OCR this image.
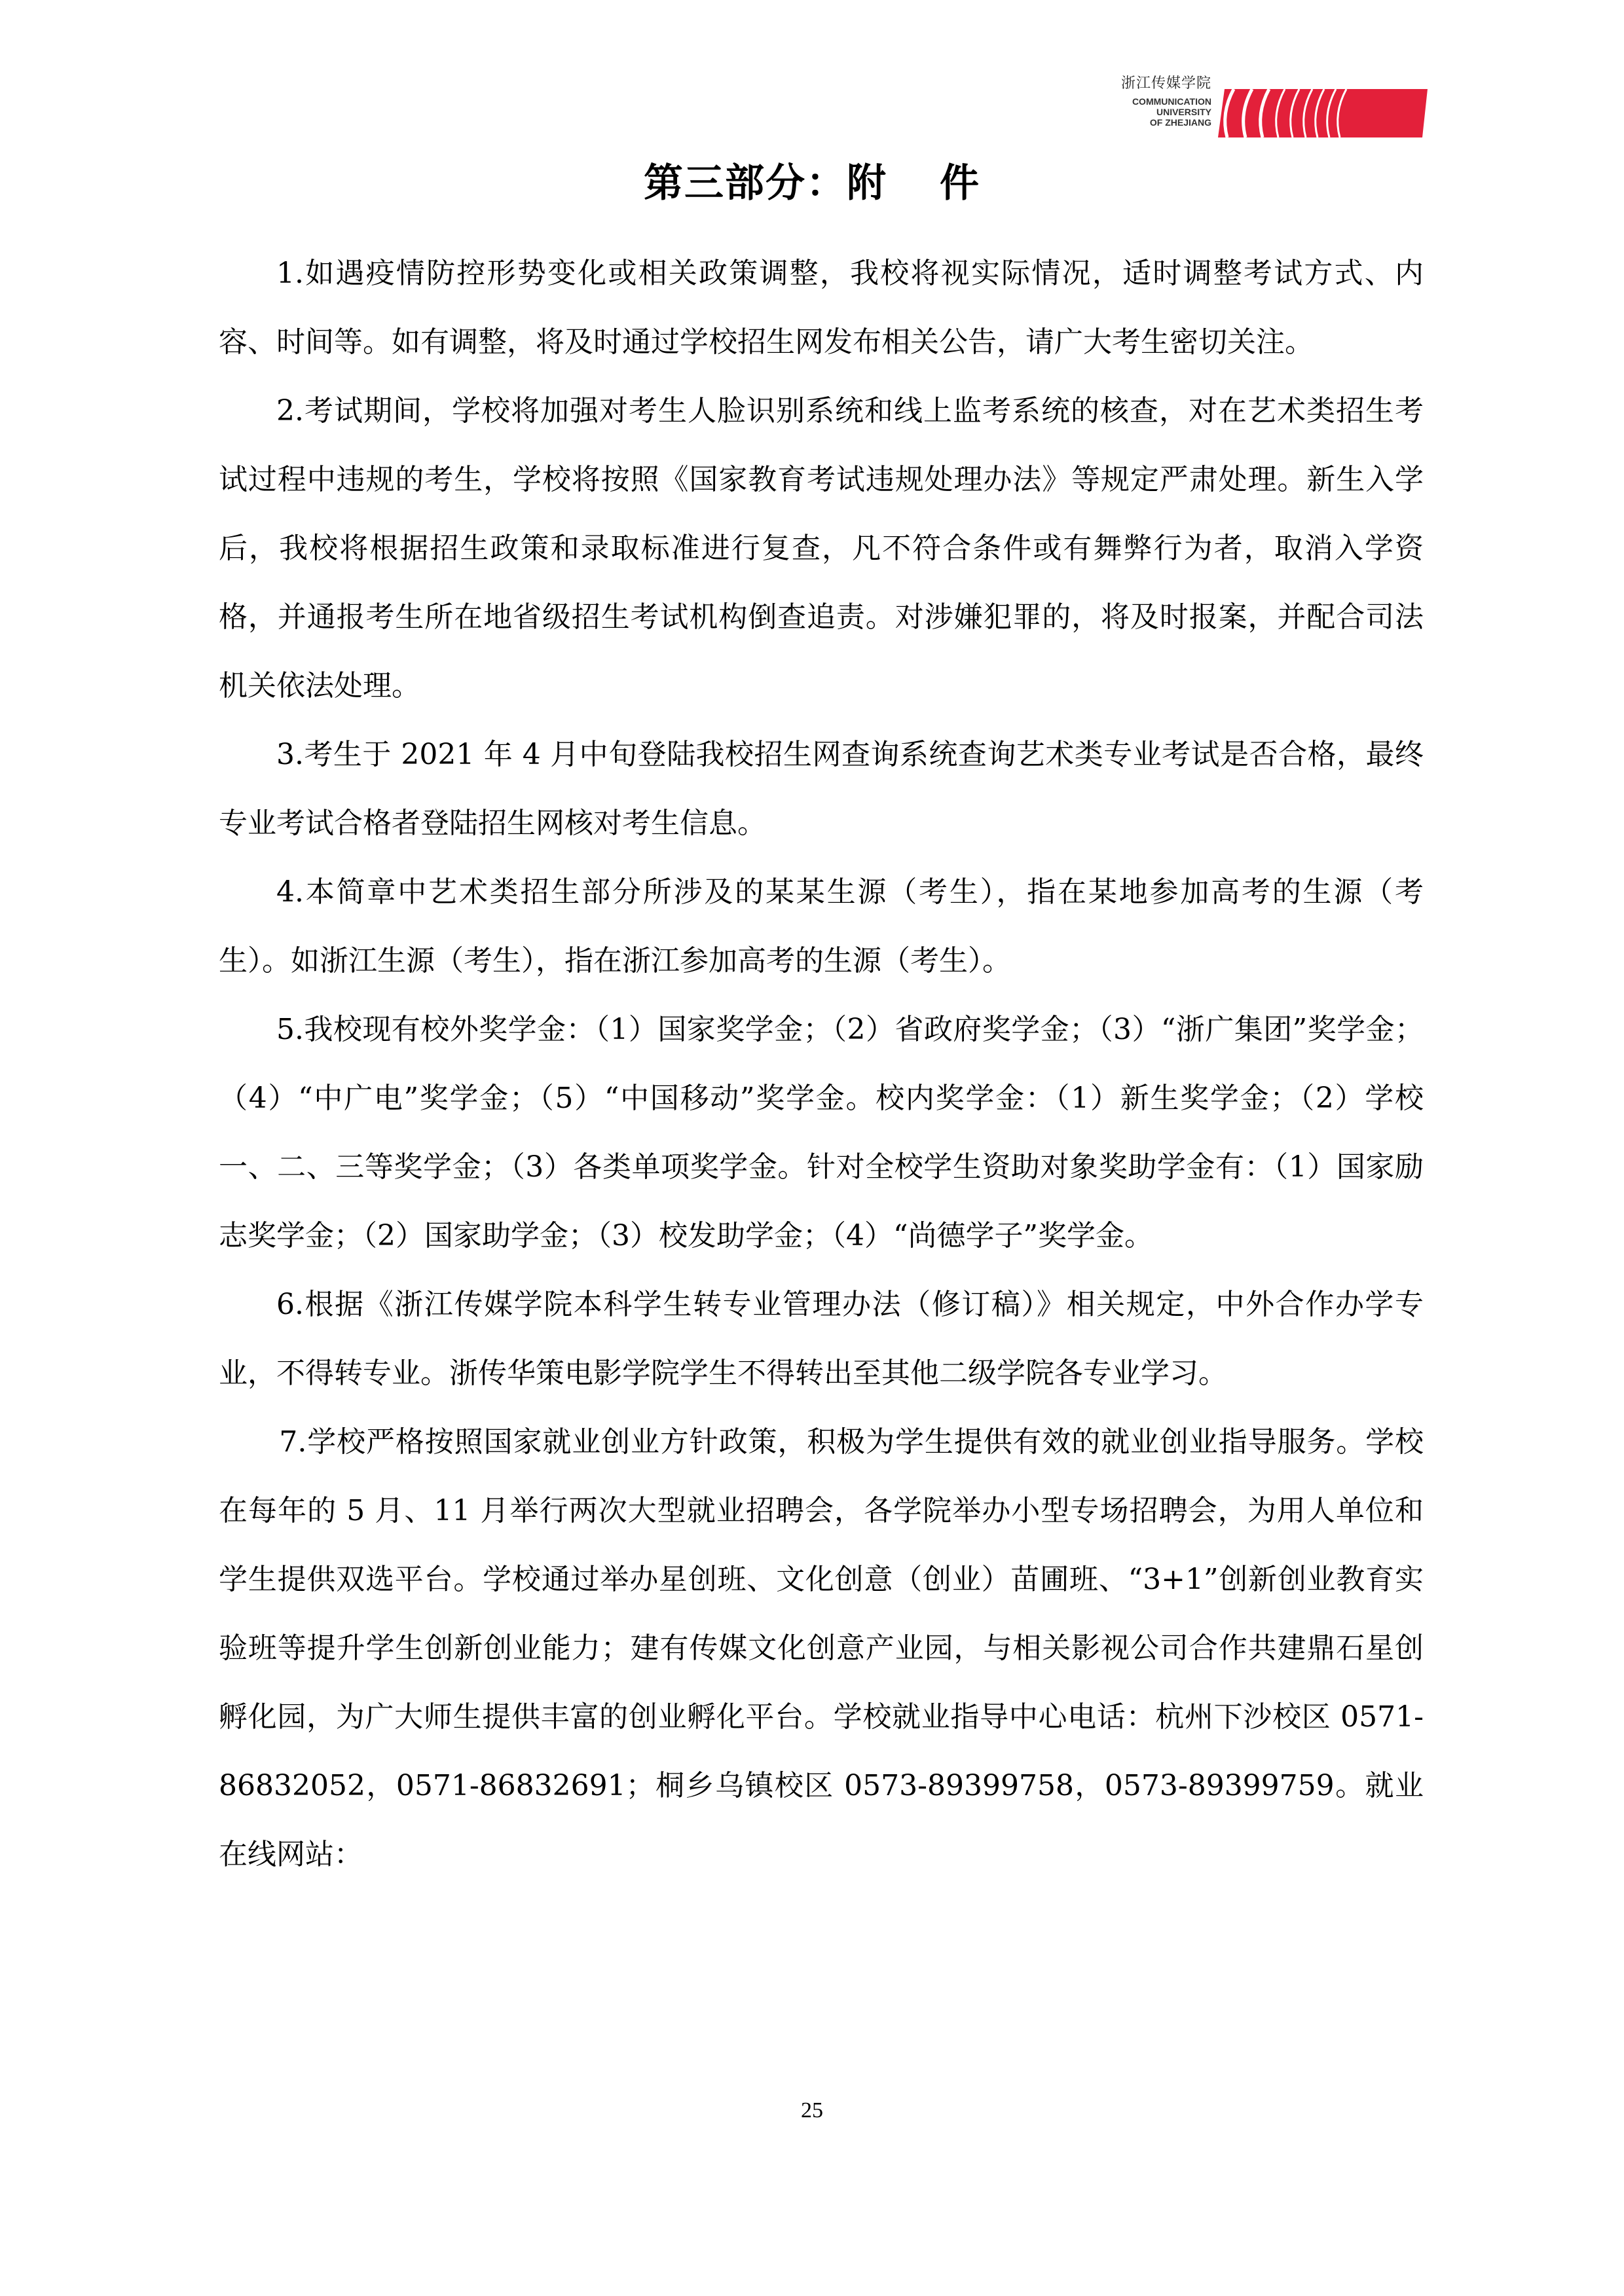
浙江传媒学院
COMMUNICATION
UNIVERSITY
OF ZHEJIANG
第三部分：附 件

1.如遇疫情防控形势变化或相关政策调整，我校将视实际情况，适时调整考试方式、内容、时间等。如有调整，将及时通过学校招生网发布相关公告，请广大考生密切关注。

2.考试期间，学校将加强对考生人脸识别系统和线上监考系统的核查，对在艺术类招生考试过程中违规的考生，学校将按照《国家教育考试违规处理办法》等规定严肃处理。新生入学后，我校将根据招生政策和录取标准进行复查，凡不符合条件或有舞弊行为者，取消入学资格，并通报考生所在地省级招生考试机构倒查追责。对涉嫌犯罪的，将及时报案，并配合司法机关依法处理。

3.考生于 2021 年 4 月中旬登陆我校招生网查询系统查询艺术类专业考试是否合格，最终专业考试合格者登陆招生网核对考生信息。

4.本简章中艺术类招生部分所涉及的某某生源（考生），指在某地参加高考的生源（考生）。如浙江生源（考生），指在浙江参加高考的生源（考生）。

5.我校现有校外奖学金：（1）国家奖学金；（2）省政府奖学金；（3）“浙广集团”奖学金；（4）“中广电”奖学金；（5）“中国移动”奖学金。校内奖学金：（1）新生奖学金；（2）学校一、二、三等奖学金；（3）各类单项奖学金。针对全校学生资助对象奖助学金有：（1）国家励志奖学金；（2）国家助学金；（3）校发助学金；（4）“尚德学子”奖学金。

6.根据《浙江传媒学院本科学生转专业管理办法（修订稿）》相关规定，中外合作办学专业，不得转专业。浙传华策电影学院学生不得转出至其他二级学院各专业学习。

7.学校严格按照国家就业创业方针政策，积极为学生提供有效的就业创业指导服务。学校在每年的 5 月、11 月举行两次大型就业招聘会，各学院举办小型专场招聘会，为用人单位和学生提供双选平台。学校通过举办星创班、文化创意（创业）苗圃班、“3+1”创新创业教育实验班等提升学生创新创业能力；建有传媒文化创意产业园，与相关影视公司合作共建鼎石星创孵化园，为广大师生提供丰富的创业孵化平台。学校就业指导中心电话：杭州下沙校区 0571-86832052，0571-86832691；桐乡乌镇校区 0573-89399758，0573-89399759。就业在线网站：

25
